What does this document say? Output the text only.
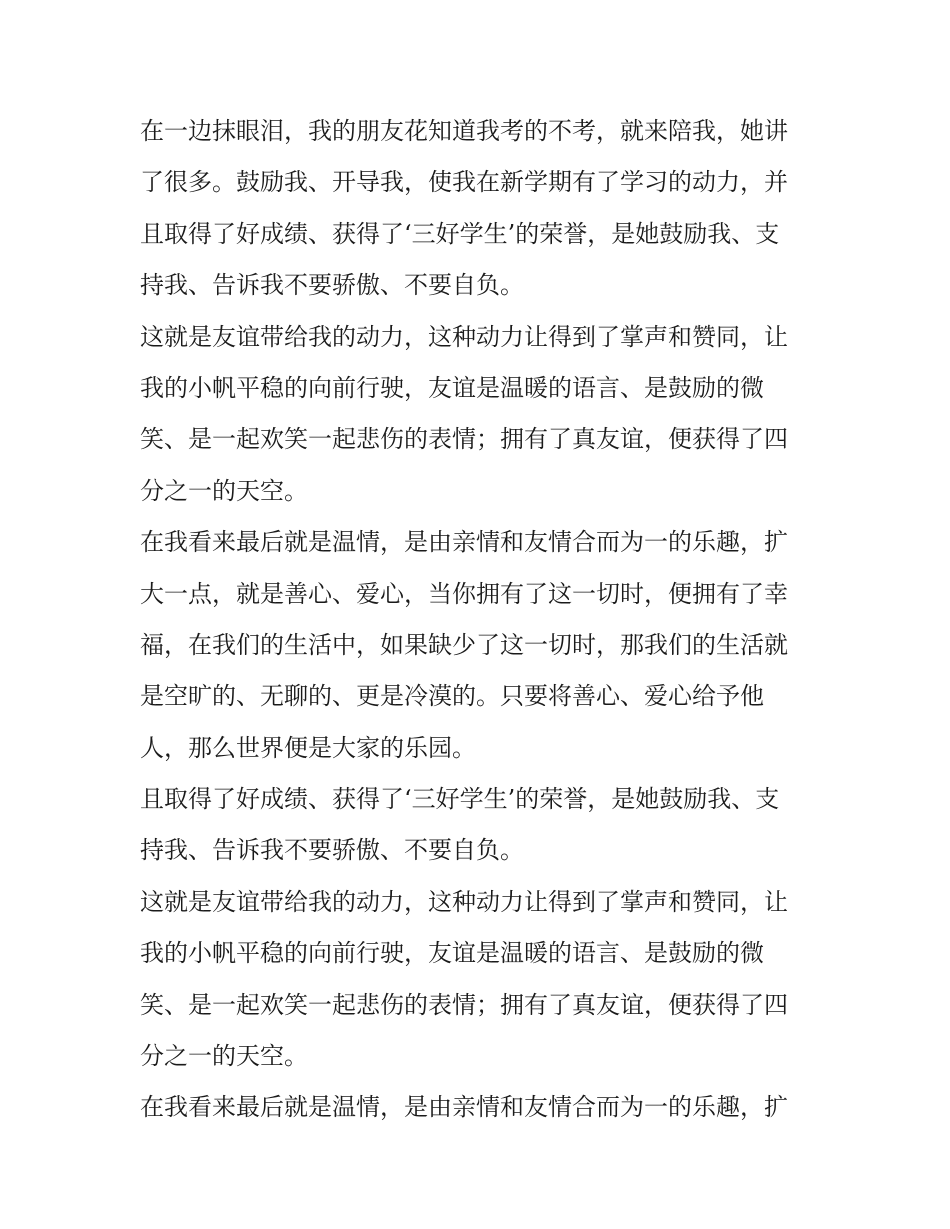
在一边抹眼泪，我的朋友花知道我考的不考，就来陪我，她讲
了很多。鼓励我、开导我，使我在新学期有了学习的动力，并
且取得了好成绩、获得了‘三好学生’的荣誉，是她鼓励我、支
持我、告诉我不要骄傲、不要自负。
这就是友谊带给我的动力，这种动力让得到了掌声和赞同，让
我的小帆平稳的向前行驶，友谊是温暖的语言、是鼓励的微
笑、是一起欢笑一起悲伤的表情；拥有了真友谊，便获得了四
分之一的天空。
在我看来最后就是温情，是由亲情和友情合而为一的乐趣，扩
大一点，就是善心、爱心，当你拥有了这一切时，便拥有了幸
福，在我们的生活中，如果缺少了这一切时，那我们的生活就
是空旷的、无聊的、更是冷漠的。只要将善心、爱心给予他
人，那么世界便是大家的乐园。
且取得了好成绩、获得了‘三好学生’的荣誉，是她鼓励我、支
持我、告诉我不要骄傲、不要自负。
这就是友谊带给我的动力，这种动力让得到了掌声和赞同，让
我的小帆平稳的向前行驶，友谊是温暖的语言、是鼓励的微
笑、是一起欢笑一起悲伤的表情；拥有了真友谊，便获得了四
分之一的天空。
在我看来最后就是温情，是由亲情和友情合而为一的乐趣，扩
